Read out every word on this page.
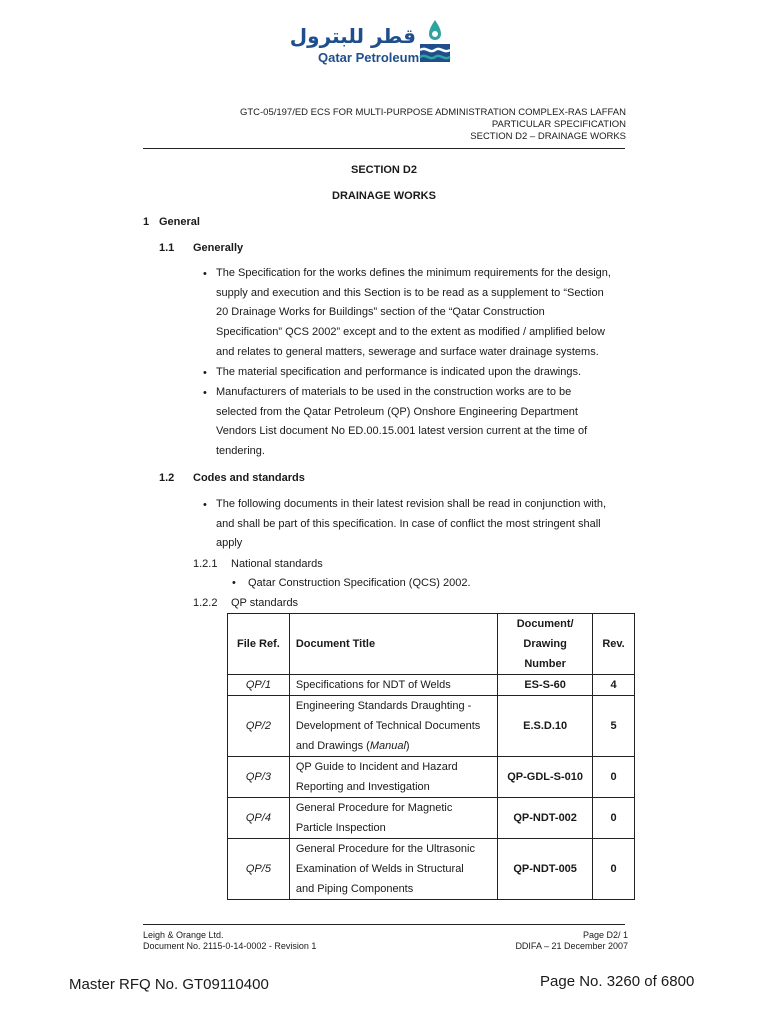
قطر للبترول
Qatar Petroleum
GTC-05/197/ED ECS FOR MULTI-PURPOSE ADMINISTRATION COMPLEX-RAS LAFFAN
PARTICULAR SPECIFICATION
SECTION D2 – DRAINAGE WORKS
SECTION D2
DRAINAGE WORKS
1 General
1.1 Generally
• The Specification for the works defines the minimum requirements for the design,
supply and execution and this Section is to be read as a supplement to “Section
20 Drainage Works for Buildings” section of the “Qatar Construction
Specification” QCS 2002” except and to the extent as modified / amplified below
and relates to general matters, sewerage and surface water drainage systems.
• The material specification and performance is indicated upon the drawings.
• Manufacturers of materials to be used in the construction works are to be
selected from the Qatar Petroleum (QP) Onshore Engineering Department
Vendors List document No ED.00.15.001 latest version current at the time of
tendering.
1.2 Codes and standards
• The following documents in their latest revision shall be read in conjunction with,
and shall be part of this specification. In case of conflict the most stringent shall
apply
1.2.1 National standards
• Qatar Construction Specification (QCS) 2002.
1.2.2 QP standards
File Ref.	Document Title	Document/
Drawing
Number	Rev.
QP/1	Specifications for NDT of Welds	ES-S-60	4
QP/2	Engineering Standards Draughting -
Development of Technical Documents
and Drawings (Manual)	E.S.D.10	5
QP/3	QP Guide to Incident and Hazard
Reporting and Investigation	QP-GDL-S-010	0
QP/4	General Procedure for Magnetic
Particle Inspection	QP-NDT-002	0
QP/5	General Procedure for the Ultrasonic
Examination of Welds in Structural
and Piping Components	QP-NDT-005	0
Leigh & Orange Ltd.
Document No. 2115-0-14-0002 - Revision 1
Page D2/ 1
DDIFA – 21 December 2007
Master RFQ No. GT09110400	Page No. 3260 of 6800
